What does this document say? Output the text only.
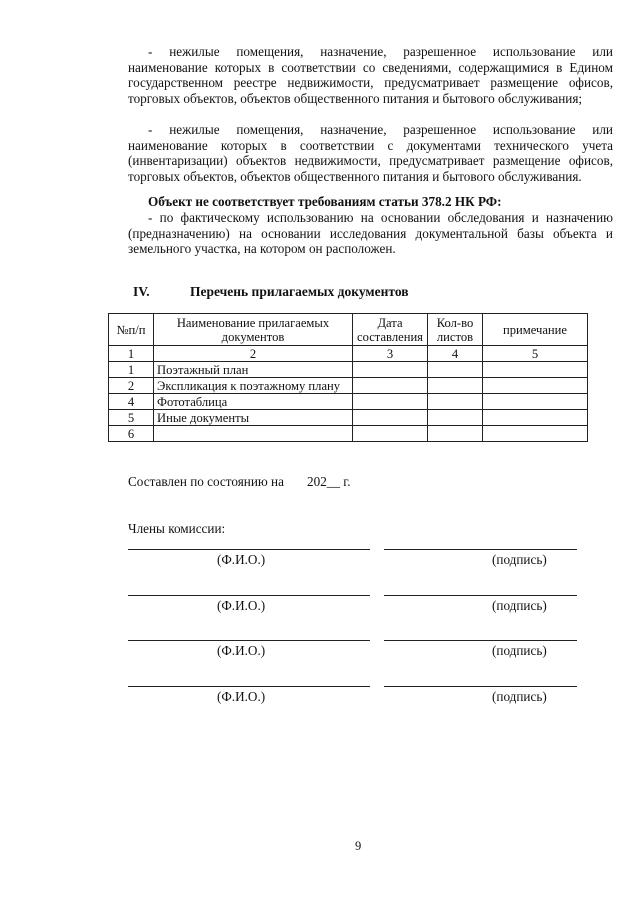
- нежилые помещения, назначение, разрешенное использование или наименование которых в соответствии со сведениями, содержащимися в Едином государственном реестре недвижимости, предусматривает размещение офисов, торговых объектов, объектов общественного питания и бытового обслуживания;
- нежилые помещения, назначение, разрешенное использование или наименование которых в соответствии с документами технического учета (инвентаризации) объектов недвижимости, предусматривает размещение офисов, торговых объектов, объектов общественного питания и бытового обслуживания.
Объект не соответствует требованиям статьи 378.2 НК РФ:
- по фактическому использованию на основании обследования и назначению (предназначению) на основании исследования документальной базы объекта и земельного участка, на котором он расположен.
IV.	Перечень прилагаемых документов
№п/п	Наименование прилагаемых документов	Дата составления	Кол-во листов	примечание
1	2	3	4	5
1	Поэтажный план			
2	Экспликация к поэтажному плану			
4	Фототаблица			
5	Иные документы			
6				
Составлен по состоянию на       202__ г.
Члены комиссии:
(Ф.И.О.)	(подпись)
(Ф.И.О.)	(подпись)
(Ф.И.О.)	(подпись)
(Ф.И.О.)	(подпись)
9
